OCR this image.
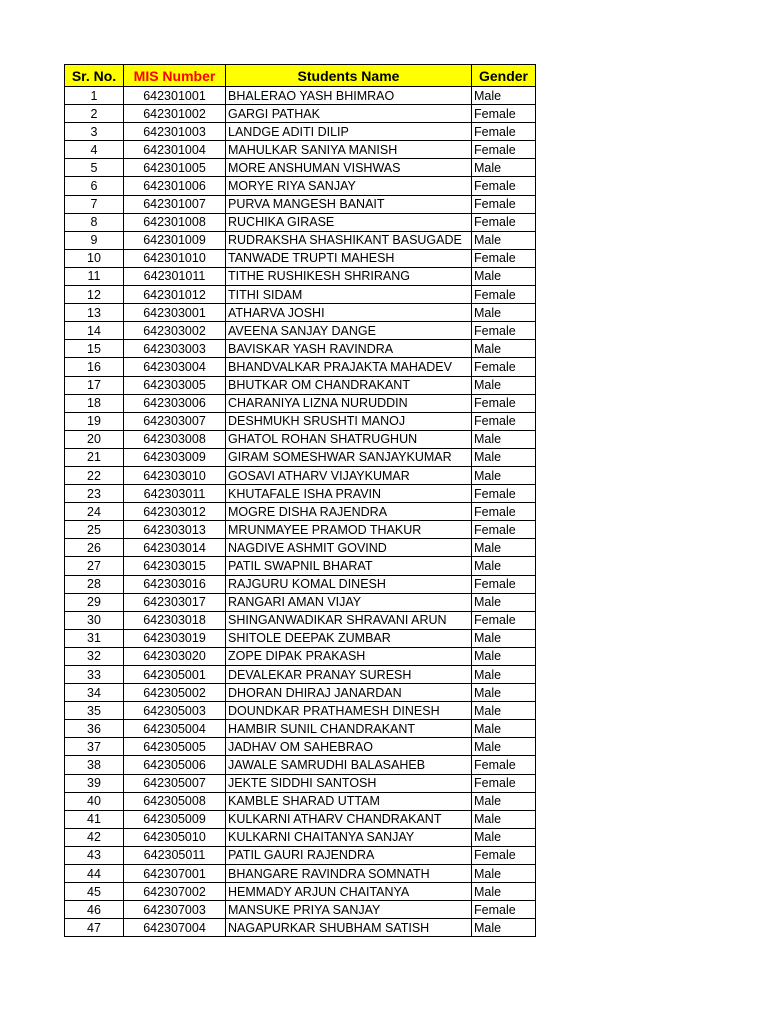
Sr. No.	MIS Number	Students Name	Gender
1	642301001	BHALERAO YASH BHIMRAO	Male
2	642301002	GARGI PATHAK	Female
3	642301003	LANDGE ADITI DILIP	Female
4	642301004	MAHULKAR SANIYA MANISH	Female
5	642301005	MORE ANSHUMAN VISHWAS	Male
6	642301006	MORYE RIYA SANJAY	Female
7	642301007	PURVA MANGESH BANAIT	Female
8	642301008	RUCHIKA GIRASE	Female
9	642301009	RUDRAKSHA SHASHIKANT BASUGADE	Male
10	642301010	TANWADE TRUPTI MAHESH	Female
11	642301011	TITHE RUSHIKESH SHRIRANG	Male
12	642301012	TITHI SIDAM	Female
13	642303001	ATHARVA JOSHI	Male
14	642303002	AVEENA SANJAY DANGE	Female
15	642303003	BAVISKAR YASH RAVINDRA	Male
16	642303004	BHANDVALKAR PRAJAKTA MAHADEV	Female
17	642303005	BHUTKAR OM CHANDRAKANT	Male
18	642303006	CHARANIYA LIZNA NURUDDIN	Female
19	642303007	DESHMUKH SRUSHTI MANOJ	Female
20	642303008	GHATOL ROHAN SHATRUGHUN	Male
21	642303009	GIRAM SOMESHWAR SANJAYKUMAR	Male
22	642303010	GOSAVI ATHARV VIJAYKUMAR	Male
23	642303011	KHUTAFALE ISHA PRAVIN	Female
24	642303012	MOGRE DISHA RAJENDRA	Female
25	642303013	MRUNMAYEE PRAMOD THAKUR	Female
26	642303014	NAGDIVE ASHMIT GOVIND	Male
27	642303015	PATIL SWAPNIL BHARAT	Male
28	642303016	RAJGURU KOMAL DINESH	Female
29	642303017	RANGARI AMAN VIJAY	Male
30	642303018	SHINGANWADIKAR SHRAVANI ARUN	Female
31	642303019	SHITOLE DEEPAK ZUMBAR	Male
32	642303020	ZOPE DIPAK PRAKASH	Male
33	642305001	DEVALEKAR PRANAY SURESH	Male
34	642305002	DHORAN DHIRAJ JANARDAN	Male
35	642305003	DOUNDKAR PRATHAMESH DINESH	Male
36	642305004	HAMBIR SUNIL CHANDRAKANT	Male
37	642305005	JADHAV OM SAHEBRAO	Male
38	642305006	JAWALE SAMRUDHI BALASAHEB	Female
39	642305007	JEKTE SIDDHI SANTOSH	Female
40	642305008	KAMBLE SHARAD UTTAM	Male
41	642305009	KULKARNI ATHARV CHANDRAKANT	Male
42	642305010	KULKARNI CHAITANYA SANJAY	Male
43	642305011	PATIL GAURI RAJENDRA	Female
44	642307001	BHANGARE RAVINDRA SOMNATH	Male
45	642307002	HEMMADY ARJUN CHAITANYA	Male
46	642307003	MANSUKE PRIYA SANJAY	Female
47	642307004	NAGAPURKAR SHUBHAM SATISH	Male
